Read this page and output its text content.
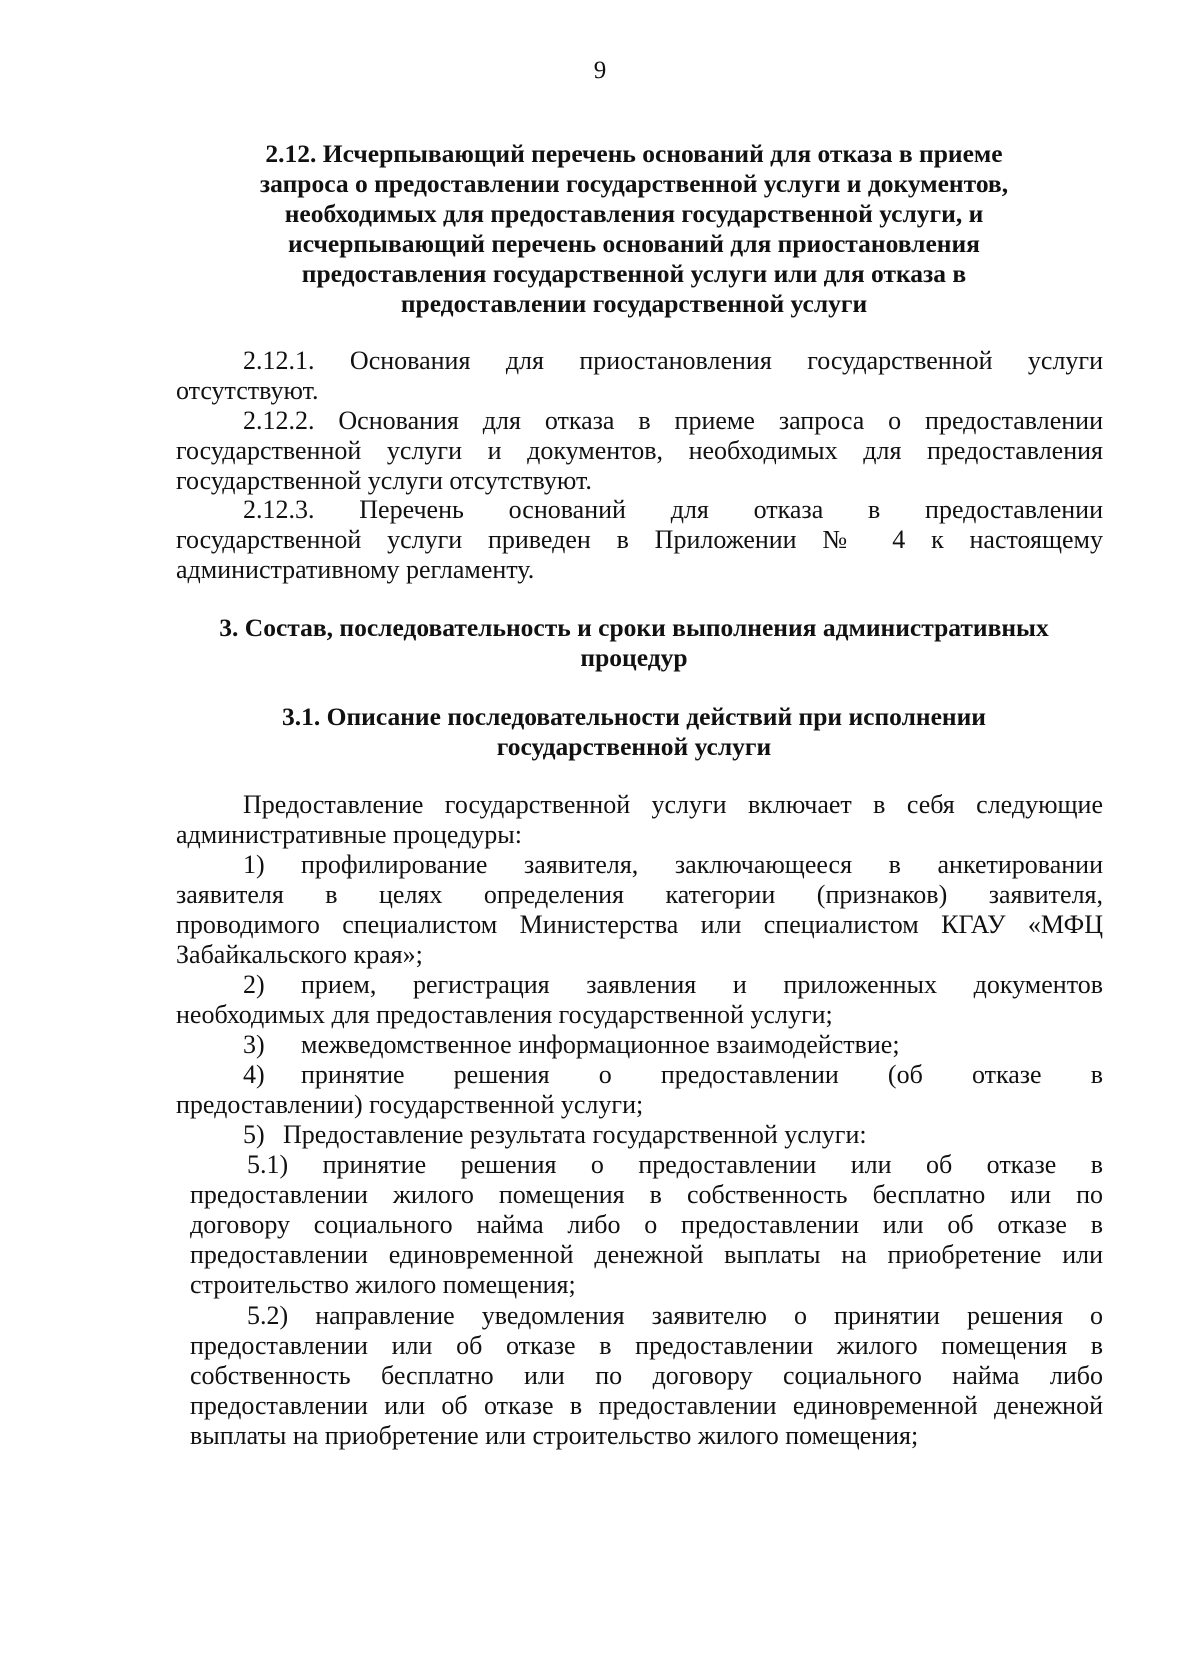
9
2.12. Исчерпывающий перечень оснований для отказа в приеме
запроса о предоставлении государственной услуги и документов,
необходимых для предоставления государственной услуги, и
исчерпывающий перечень оснований для приостановления
предоставления государственной услуги или для отказа в
предоставлении государственной услуги
2.12.1. Основания для приостановления государственной услуги
отсутствуют.
2.12.2. Основания для отказа в приеме запроса о предоставлении
государственной услуги и документов, необходимых для предоставления
государственной услуги отсутствуют.
2.12.3. Перечень оснований для отказа в предоставлении
государственной услуги приведен в Приложении № 4 к настоящему
административному регламенту.
3. Состав, последовательность и сроки выполнения административных
процедур
3.1. Описание последовательности действий при исполнении
государственной услуги
Предоставление государственной услуги включает в себя следующие
административные процедуры:
1) профилирование заявителя, заключающееся в анкетировании
заявителя в целях определения категории (признаков) заявителя,
проводимого специалистом Министерства или специалистом КГАУ «МФЦ
Забайкальского края»;
2) прием, регистрация заявления и приложенных документов
необходимых для предоставления государственной услуги;
3) межведомственное информационное взаимодействие;
4) принятие решения о предоставлении (об отказе в
предоставлении) государственной услуги;
5) Предоставление результата государственной услуги:
5.1) принятие решения о предоставлении или об отказе в
предоставлении жилого помещения в собственность бесплатно или по
договору социального найма либо о предоставлении или об отказе в
предоставлении единовременной денежной выплаты на приобретение или
строительство жилого помещения;
5.2) направление уведомления заявителю о принятии решения о
предоставлении или об отказе в предоставлении жилого помещения в
собственность бесплатно или по договору социального найма либо
предоставлении или об отказе в предоставлении единовременной денежной
выплаты на приобретение или строительство жилого помещения;
